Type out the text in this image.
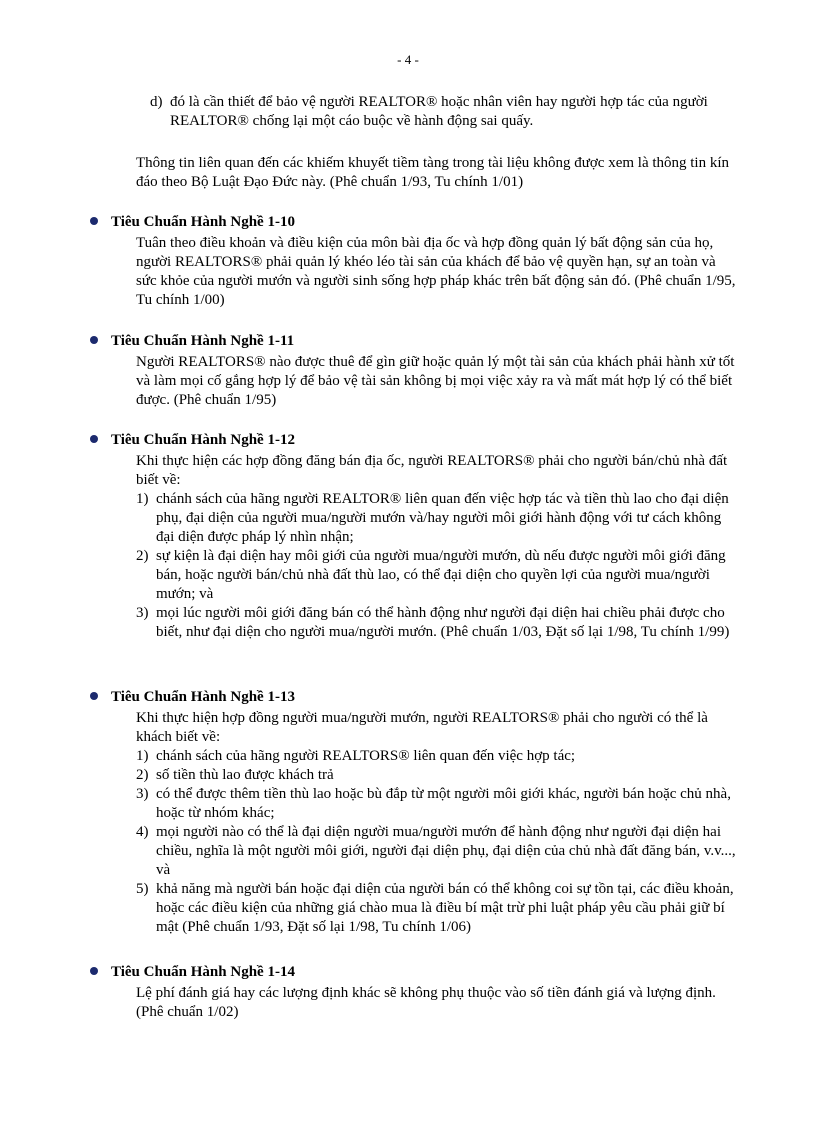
- 4 -
d) đó là cần thiết để bảo vệ người REALTOR® hoặc nhân viên hay người hợp tác của người REALTOR® chống lại một cáo buộc về hành động sai quấy.
Thông tin liên quan đến các khiếm khuyết tiềm tàng trong tài liệu không được xem là thông tin kín đáo theo Bộ Luật Đạo Đức này. (Phê chuẩn 1/93, Tu chính 1/01)
Tiêu Chuẩn Hành Nghề 1-10
Tuân theo điều khoản và điều kiện của môn bài địa ốc và hợp đồng quản lý bất động sản của họ, người REALTORS® phải quản lý khéo léo tài sản của khách để bảo vệ quyền hạn, sự an toàn và sức khỏe của người mướn và người sinh sống hợp pháp khác trên bất động sản đó. (Phê chuẩn 1/95, Tu chính 1/00)
Tiêu Chuẩn Hành Nghề 1-11
Người REALTORS® nào được thuê để gìn giữ hoặc quản lý một tài sản của khách phải hành xử tốt và làm mọi cố gắng hợp lý để bảo vệ tài sản không bị mọi việc xảy ra và mất mát hợp lý có thể biết được. (Phê chuẩn 1/95)
Tiêu Chuẩn Hành Nghề 1-12
Khi thực hiện các hợp đồng đăng bán địa ốc, người REALTORS® phải cho người bán/chủ nhà đất biết về:
1) chánh sách của hãng người REALTOR® liên quan đến việc hợp tác và tiền thù lao cho đại diện phụ, đại diện của người mua/người mướn và/hay người môi giới hành động với tư cách không đại diện được pháp lý nhìn nhận;
2) sự kiện là đại diện hay môi giới của người mua/người mướn, dù nếu được người môi giới đăng bán, hoặc người bán/chủ nhà đất thù lao, có thể đại diện cho quyền lợi của người mua/người mướn; và
3) mọi lúc người môi giới đăng bán có thể hành động như người đại diện hai chiều phải được cho biết, như đại diện cho người mua/người mướn. (Phê chuẩn 1/03, Đặt số lại 1/98, Tu chính 1/99)
Tiêu Chuẩn Hành Nghề 1-13
Khi thực hiện hợp đồng người mua/người mướn, người REALTORS® phải cho người có thể là khách biết về:
1) chánh sách của hãng người REALTORS® liên quan đến việc hợp tác;
2) số tiền thù lao được khách trả
3) có thể được thêm tiền thù lao hoặc bù đắp từ một người môi giới khác, người bán hoặc chủ nhà, hoặc từ nhóm khác;
4) mọi người nào có thể là đại diện người mua/người mướn để hành động như người đại diện hai chiều, nghĩa là một người môi giới, người đại diện phụ, đại diện của chủ nhà đất đăng bán, v.v..., và
5) khả năng mà người bán hoặc đại diện của người bán có thể không coi sự tồn tại, các điều khoản, hoặc các điều kiện của những giá chào mua là điều bí mật trừ phi luật pháp yêu cầu phải giữ bí mật (Phê chuẩn 1/93, Đặt số lại 1/98, Tu chính 1/06)
Tiêu Chuẩn Hành Nghề 1-14
Lệ phí đánh giá hay các lượng định khác sẽ không phụ thuộc vào số tiền đánh giá và lượng định. (Phê chuẩn 1/02)
